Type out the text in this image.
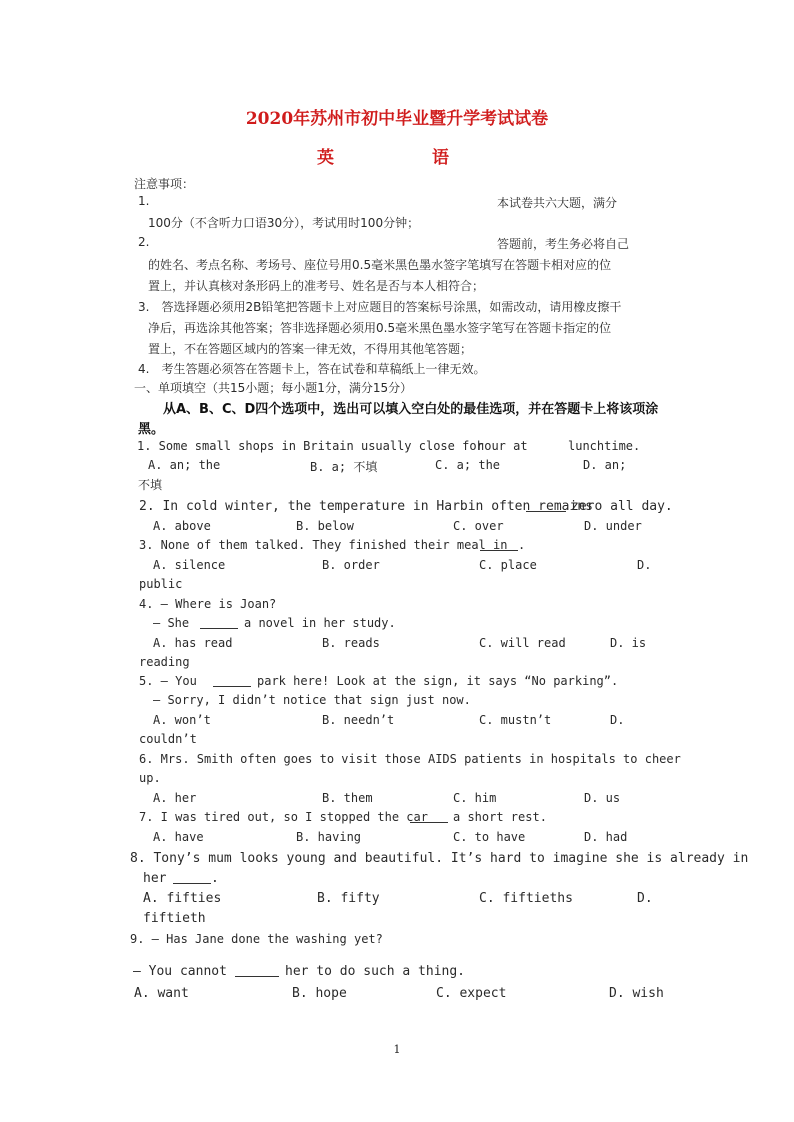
2020年苏州市初中毕业暨升学考试试卷
英 语
注意事项：
1.	本试卷共六大题，满分
100分（不含听力口语30分），考试用时100分钟；
2.	答题前，考生务必将自己
的姓名、考点名称、考场号、座位号用0.5毫米黑色墨水签字笔填写在答题卡相对应的位
置上，并认真核对条形码上的准考号、姓名是否与本人相符合；
3.　答选择题必须用2B铅笔把答题卡上对应题目的答案标号涂黑，如需改动，请用橡皮擦干
净后，再选涂其他答案；答非选择题必须用0.5毫米黑色墨水签字笔写在答题卡指定的位
置上，不在答题区域内的答案一律无效，不得用其他笔答题；
4.　考生答题必须答在答题卡上，答在试卷和草稿纸上一律无效。
一、单项填空（共15小题；每小题1分，满分15分）
从A、B、C、D四个选项中，选出可以填入空白处的最佳选项，并在答题卡上将该项涂
黑。
1. Some small shops in Britain usually close for
hour at	lunchtime.
A. an; the	B. a; 不填	C. a; the	D. an;
不填
2. In cold winter, the temperature in Harbin often remains
zero all day.
A. above	B. below	C. over	D. under
3. None of them talked. They finished their meal in .
A. silence	B. order	C. place	D.
public
4. — Where is Joan?
— She	a novel in her study.
A. has read	B. reads	C. will read	D. is
reading
5. — You	park here! Look at the sign, it says “No parking”.
— Sorry, I didn’t notice that sign just now.
A. won’t	B. needn’t	C. mustn’t	D.
couldn’t
6. Mrs. Smith often goes to visit those AIDS patients in hospitals to cheer
up.
A. her	B. them	C. him	D. us
7. I was tired out, so I stopped the car a short rest.
A. have	B. having	C. to have	D. had
8. Tony’s mum looks young and beautiful. It’s hard to imagine she is already in
her	.
A. fifties	B. fifty	C. fiftieths	D.
fiftieth
9. — Has Jane done the washing yet?
— You cannot	her to do such a thing.
A. want	B. hope	C. expect	D. wish
1
